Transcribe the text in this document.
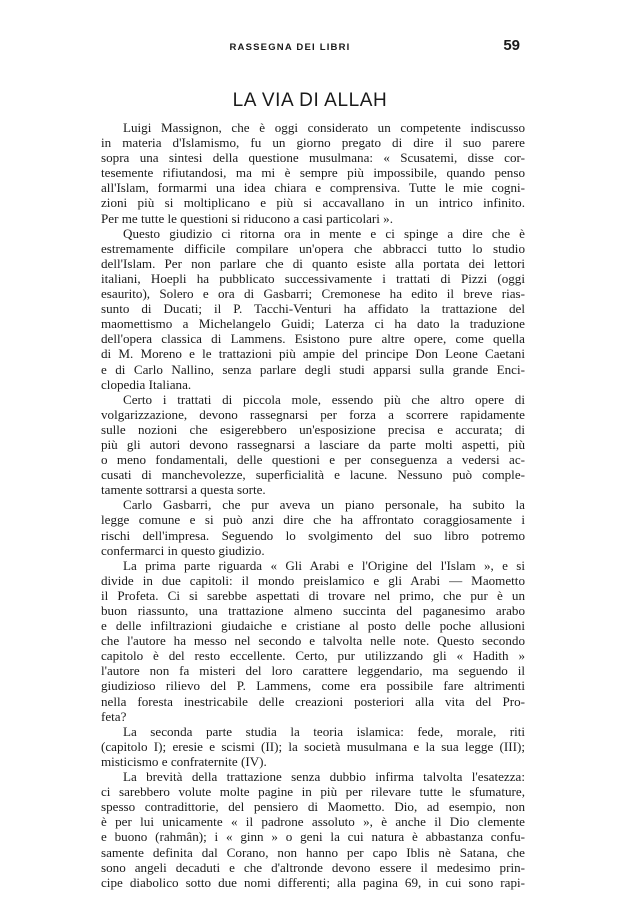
RASSEGNA DEI LIBRI	59
LA VIA DI ALLAH
Luigi Massignon, che è oggi considerato un competente indiscusso
in materia d'Islamismo, fu un giorno pregato di dire il suo parere
sopra una sintesi della questione musulmana: « Scusatemi, disse cor-
tesemente rifiutandosi, ma mi è sempre più impossibile, quando penso
all'Islam, formarmi una idea chiara e comprensiva. Tutte le mie cogni-
zioni più si moltiplicano e più si accavallano in un intrico infinito.
Per me tutte le questioni si riducono a casi particolari ».
Questo giudizio ci ritorna ora in mente e ci spinge a dire che è
estremamente difficile compilare un'opera che abbracci tutto lo studio
dell'Islam. Per non parlare che di quanto esiste alla portata dei lettori
italiani, Hoepli ha pubblicato successivamente i trattati di Pizzi (oggi
esaurito), Solero e ora di Gasbarri; Cremonese ha edito il breve rias-
sunto di Ducati; il P. Tacchi-Venturi ha affidato la trattazione del
maomettismo a Michelangelo Guidi; Laterza ci ha dato la traduzione
dell'opera classica di Lammens. Esistono pure altre opere, come quella
di M. Moreno e le trattazioni più ampie del principe Don Leone Caetani
e di Carlo Nallino, senza parlare degli studi apparsi sulla grande Enci-
clopedia Italiana.
Certo i trattati di piccola mole, essendo più che altro opere di
volgarizzazione, devono rassegnarsi per forza a scorrere rapidamente
sulle nozioni che esigerebbero un'esposizione precisa e accurata; di
più gli autori devono rassegnarsi a lasciare da parte molti aspetti, più
o meno fondamentali, delle questioni e per conseguenza a vedersi ac-
cusati di manchevolezze, superficialità e lacune. Nessuno può comple-
tamente sottrarsi a questa sorte.
Carlo Gasbarri, che pur aveva un piano personale, ha subito la
legge comune e si può anzi dire che ha affrontato coraggiosamente i
rischi dell'impresa. Seguendo lo svolgimento del suo libro potremo
confermarci in questo giudizio.
La prima parte riguarda « Gli Arabi e l'Origine del l'Islam », e si
divide in due capitoli: il mondo preislamico e gli Arabi — Maometto
il Profeta. Ci si sarebbe aspettati di trovare nel primo, che pur è un
buon riassunto, una trattazione almeno succinta del paganesimo arabo
e delle infiltrazioni giudaiche e cristiane al posto delle poche allusioni
che l'autore ha messo nel secondo e talvolta nelle note. Questo secondo
capitolo è del resto eccellente. Certo, pur utilizzando gli « Hadith »
l'autore non fa misteri del loro carattere leggendario, ma seguendo il
giudizioso rilievo del P. Lammens, come era possibile fare altrimenti
nella foresta inestricabile delle creazioni posteriori alla vita del Pro-
feta?
La seconda parte studia la teoria islamica: fede, morale, riti
(capitolo I); eresie e scismi (II); la società musulmana e la sua legge (III);
misticismo e confraternite (IV).
La brevità della trattazione senza dubbio infirma talvolta l'esatezza:
ci sarebbero volute molte pagine in più per rilevare tutte le sfumature,
spesso contradittorie, del pensiero di Maometto. Dio, ad esempio, non
è per lui unicamente « il padrone assoluto », è anche il Dio clemente
e buono (rahmân); i « ginn » o geni la cui natura è abbastanza confu-
samente definita dal Corano, non hanno per capo Iblis nè Satana, che
sono angeli decaduti e che d'altronde devono essere il medesimo prin-
cipe diabolico sotto due nomi differenti; alla pagina 69, in cui sono rapi-
